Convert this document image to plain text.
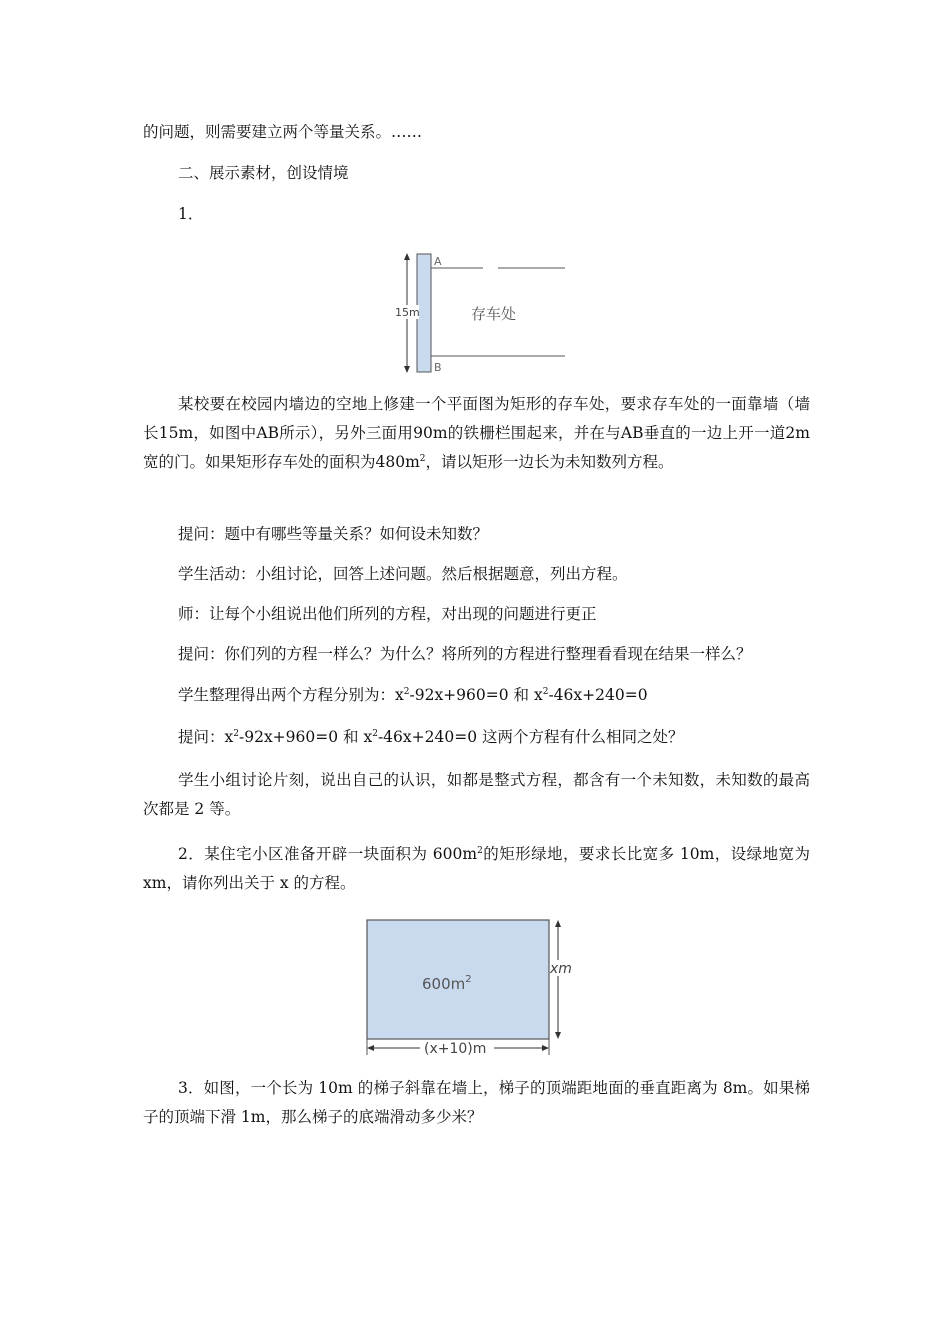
的问题，则需要建立两个等量关系。……

二、展示素材，创设情境

1．

15m
A
B
存车处

某校要在校园内墙边的空地上修建一个平面图为矩形的存车处，要求存车处的一面靠墙（墙长15m，如图中AB所示），另外三面用90m的铁栅栏围起来，并在与AB垂直的一边上开一道2m宽的门。如果矩形存车处的面积为$480m^2$，请以矩形一边长为未知数列方程。

提问：题中有哪些等量关系？如何设未知数？

学生活动：小组讨论，回答上述问题。然后根据题意，列出方程。

师：让每个小组说出他们所列的方程，对出现的问题进行更正

提问：你们列的方程一样么？为什么？将所列的方程进行整理看看现在结果一样么？

学生整理得出两个方程分别为：$x^2-92x+960=0$ 和 $x^2-46x+240=0$

提问：$x^2-92x+960=0$ 和 $x^2-46x+240=0$ 这两个方程有什么相同之处？

学生小组讨论片刻，说出自己的认识，如都是整式方程，都含有一个未知数，未知数的最高次都是 2 等。

2．某住宅小区准备开辟一块面积为 $600m^2$的矩形绿地，要求长比宽多 10m，设绿地宽为 xm，请你列出关于 x 的方程。

$600m^2$
xm
(x+10)m

3．如图，一个长为 10m 的梯子斜靠在墙上，梯子的顶端距地面的垂直距离为 8m。如果梯子的顶端下滑 1m，那么梯子的底端滑动多少米？
